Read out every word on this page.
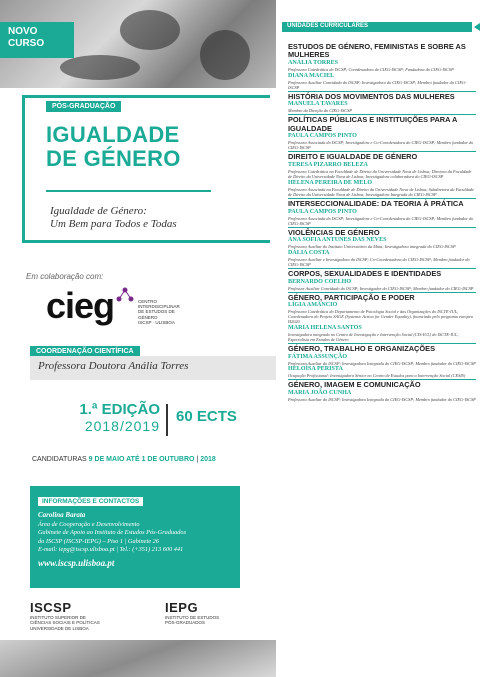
NOVO
CURSO
PÓS-GRADUAÇÃO
IGUALDADE
DE GÉNERO
Igualdade de Género:
Um Bem para Todos e Todas
Em colaboração com:
cieg	CENTRO
INTERDISCIPLINAR
DE ESTUDOS DE
GÉNERO
ISCSP · ULISBOA
COORDENAÇÃO CIENTÍFICA
Professora Doutora Anália Torres
1.ª EDIÇÃO
2018/2019
60 ECTS
CANDIDATURAS 9 DE MAIO ATÉ 1 DE OUTUBRO | 2018
INFORMAÇÕES E CONTACTOS

Carolina Barata

Área de Cooperação e Desenvolvimento

Gabinete de Apoio ao Instituto de Estudos Pós-Graduados

do ISCSP (ISCSP-IEPG) – Piso 1 | Gabinete 26

E-mail: iepg@iscsp.ulisboa.pt | Tel.: (+351) 213 600 441

www.iscsp.ulisboa.pt

ISCSP
INSTITUTO SUPERIOR DE
CIÊNCIAS SOCIAIS E POLÍTICAS
UNIVERSIDADE DE LISBOA
IEPG
INSTITUTO DE ESTUDOS
PÓS-GRADUADOS
UNIDADES CURRICULARES
ESTUDOS DE GÉNERO, FEMINISTAS E SOBRE AS MULHERES
ANÁLIA TORRES
Professora Catedrática do ISCSP; Coordenadora do CIEG-ISCSP; Fundadora do CIEG-ISCSP
DIANA MACIEL
Professora Auxiliar Convidada do ISCSP; Investigadora do CIEG-ISCSP; Membro fundador do CIEG-ISCSP
HISTÓRIA DOS MOVIMENTOS DAS MULHERES
MANUELA TAVARES
Membro da Direção do CIEG-ISCSP
POLÍTICAS PÚBLICAS E INSTITUIÇÕES PARA A IGUALDADE
PAULA CAMPOS PINTO
Professora Associada do ISCSP; Investigadora e Co-Coordenadora do CIEG-ISCSP; Membro fundador do CIEG-ISCSP
DIREITO E IGUALDADE DE GÉNERO
TERESA PIZARRO BELEZA
Professora Catedrática na Faculdade de Direito da Universidade Nova de Lisboa; Diretora da Faculdade de Direito da Universidade Nova de Lisboa; Investigadora colaboradora do CIEG-ISCSP
HELENA PEREIRA DE MELO
Professora Associada na Faculdade de Direito da Universidade Nova de Lisboa; Subdiretora da Faculdade de Direito da Universidade Nova de Lisboa; Investigadora Integrada do CIEG-ISCSP
INTERSECCIONALIDADE: DA TEORIA À PRÁTICA
PAULA CAMPOS PINTO
Professora Associada do ISCSP; Investigadora e Co-Coordenadora do CIEG-ISCSP; Membro fundador do CIEG-ISCSP
VIOLÊNCIAS DE GÉNERO
ANA SOFIA ANTUNES DAS NEVES
Professora Auxiliar do Instituto Universitário da Maia; Investigadora integrada do CIEG-ISCSP
DÁLIA COSTA
Professora Auxiliar e Investigadora do ISCSP; Co-Coordenadora do CIEG-ISCSP; Membro fundador do CIEG-ISCSP
CORPOS, SEXUALIDADES E IDENTIDADES
BERNARDO COELHO
Professor Auxiliar Convidado do ISCSP; Investigador do CIEG-ISCSP; Membro fundador do CIEG-ISCSP
GÉNERO, PARTICIPAÇÃO E PODER
LÍGIA AMÂNCIO
Professora Catedrática do Departamento de Psicologia Social e das Organizações do ISCTE-IUL; Coordenadora do Projeto SAGE (Systemic Action for Gender Equality), financiado pelo programa europeu H2020
MARIA HELENA SANTOS
Investigadora integrada no Centro de Investigação e Intervenção Social (CIS-IUL) do ISCTE-IUL; Especialista em Estudos de Género
GÉNERO, TRABALHO E ORGANIZAÇÕES
FÁTIMA ASSUNÇÃO
Professora Auxiliar do ISCSP; Investigadora Integrada do CIEG-ISCSP; Membro fundador do CIEG-ISCSP
HELOÍSA PERISTA
Ocupação Profissional: Investigadora Sénior no Centro de Estudos para a Intervenção Social (CESIS)
GÉNERO, IMAGEM E COMUNICAÇÃO
MARIA JOÃO CUNHA
Professora Auxiliar do ISCSP; Investigadora Integrada do CIEG-ISCSP; Membro fundador do CIEG-ISCSP
